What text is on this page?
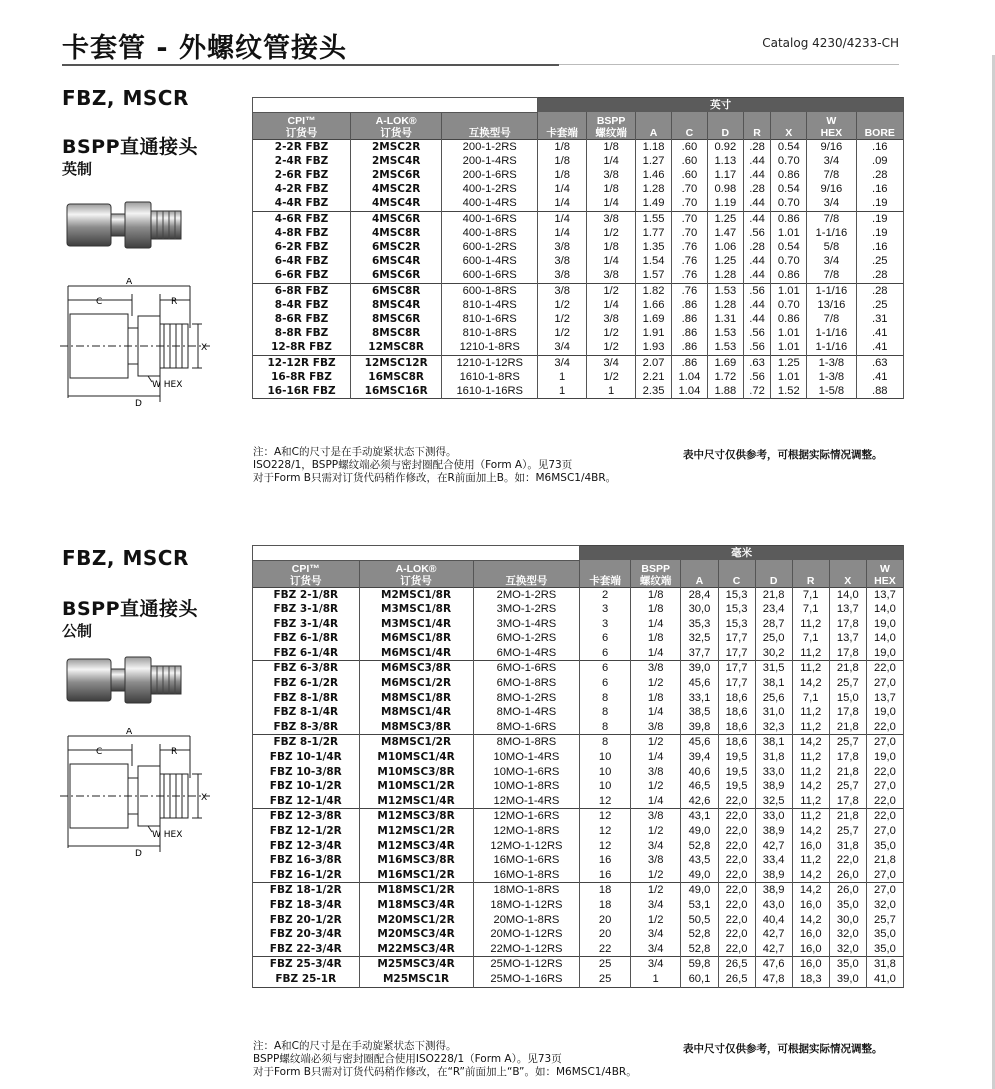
卡套管 - 外螺纹管接头	Catalog 4230/4233-CH
FBZ, MSCR
BSPP直通接头
英制
A
C	R
X
W HEX
D
			英寸								
CPI™
订货号	A-LOK®
订货号	互换型号	卡套端	BSPP
螺纹端	A	C	D	R	X	W
HEX	BORE
2-2R FBZ	2MSC2R	200-1-2RS	1/8	1/8	1.18	.60	0.92	.28	0.54	9/16	.16
2-4R FBZ	2MSC4R	200-1-4RS	1/8	1/4	1.27	.60	1.13	.44	0.70	3/4	.09
2-6R FBZ	2MSC6R	200-1-6RS	1/8	3/8	1.46	.60	1.17	.44	0.86	7/8	.28
4-2R FBZ	4MSC2R	400-1-2RS	1/4	1/8	1.28	.70	0.98	.28	0.54	9/16	.16
4-4R FBZ	4MSC4R	400-1-4RS	1/4	1/4	1.49	.70	1.19	.44	0.70	3/4	.19
4-6R FBZ	4MSC6R	400-1-6RS	1/4	3/8	1.55	.70	1.25	.44	0.86	7/8	.19
4-8R FBZ	4MSC8R	400-1-8RS	1/4	1/2	1.77	.70	1.47	.56	1.01	1-1/16	.19
6-2R FBZ	6MSC2R	600-1-2RS	3/8	1/8	1.35	.76	1.06	.28	0.54	5/8	.16
6-4R FBZ	6MSC4R	600-1-4RS	3/8	1/4	1.54	.76	1.25	.44	0.70	3/4	.25
6-6R FBZ	6MSC6R	600-1-6RS	3/8	3/8	1.57	.76	1.28	.44	0.86	7/8	.28
6-8R FBZ	6MSC8R	600-1-8RS	3/8	1/2	1.82	.76	1.53	.56	1.01	1-1/16	.28
8-4R FBZ	8MSC4R	810-1-4RS	1/2	1/4	1.66	.86	1.28	.44	0.70	13/16	.25
8-6R FBZ	8MSC6R	810-1-6RS	1/2	3/8	1.69	.86	1.31	.44	0.86	7/8	.31
8-8R FBZ	8MSC8R	810-1-8RS	1/2	1/2	1.91	.86	1.53	.56	1.01	1-1/16	.41
12-8R FBZ	12MSC8R	1210-1-8RS	3/4	1/2	1.93	.86	1.53	.56	1.01	1-1/16	.41
12-12R FBZ	12MSC12R	1210-1-12RS	3/4	3/4	2.07	.86	1.69	.63	1.25	1-3/8	.63
16-8R FBZ	16MSC8R	1610-1-8RS	1	1/2	2.21	1.04	1.72	.56	1.01	1-3/8	.41
16-16R FBZ	16MSC16R	1610-1-16RS	1	1	2.35	1.04	1.88	.72	1.52	1-5/8	.88
注：A和C的尺寸是在手动旋紧状态下测得。
ISO228/1，BSPP螺纹端必须与密封圈配合使用（Form A）。见73页
对于Form B只需对订货代码稍作修改，在R前面加上B。如：M6MSC1/4BR。
表中尺寸仅供参考，可根据实际情况调整。
FBZ, MSCR
BSPP直通接头
公制
A
C	R
X
W HEX
D
			毫米							
CPI™
订货号	A-LOK®
订货号	互换型号	卡套端	BSPP
螺纹端	A	C	D	R	X	W
HEX
FBZ 2-1/8R	M2MSC1/8R	2MO-1-2RS	2	1/8	28,4	15,3	21,8	7,1	14,0	13,7
FBZ 3-1/8R	M3MSC1/8R	3MO-1-2RS	3	1/8	30,0	15,3	23,4	7,1	13,7	14,0
FBZ 3-1/4R	M3MSC1/4R	3MO-1-4RS	3	1/4	35,3	15,3	28,7	11,2	17,8	19,0
FBZ 6-1/8R	M6MSC1/8R	6MO-1-2RS	6	1/8	32,5	17,7	25,0	7,1	13,7	14,0
FBZ 6-1/4R	M6MSC1/4R	6MO-1-4RS	6	1/4	37,7	17,7	30,2	11,2	17,8	19,0
FBZ 6-3/8R	M6MSC3/8R	6MO-1-6RS	6	3/8	39,0	17,7	31,5	11,2	21,8	22,0
FBZ 6-1/2R	M6MSC1/2R	6MO-1-8RS	6	1/2	45,6	17,7	38,1	14,2	25,7	27,0
FBZ 8-1/8R	M8MSC1/8R	8MO-1-2RS	8	1/8	33,1	18,6	25,6	7,1	15,0	13,7
FBZ 8-1/4R	M8MSC1/4R	8MO-1-4RS	8	1/4	38,5	18,6	31,0	11,2	17,8	19,0
FBZ 8-3/8R	M8MSC3/8R	8MO-1-6RS	8	3/8	39,8	18,6	32,3	11,2	21,8	22,0
FBZ 8-1/2R	M8MSC1/2R	8MO-1-8RS	8	1/2	45,6	18,6	38,1	14,2	25,7	27,0
FBZ 10-1/4R	M10MSC1/4R	10MO-1-4RS	10	1/4	39,4	19,5	31,8	11,2	17,8	19,0
FBZ 10-3/8R	M10MSC3/8R	10MO-1-6RS	10	3/8	40,6	19,5	33,0	11,2	21,8	22,0
FBZ 10-1/2R	M10MSC1/2R	10MO-1-8RS	10	1/2	46,5	19,5	38,9	14,2	25,7	27,0
FBZ 12-1/4R	M12MSC1/4R	12MO-1-4RS	12	1/4	42,6	22,0	32,5	11,2	17,8	22,0
FBZ 12-3/8R	M12MSC3/8R	12MO-1-6RS	12	3/8	43,1	22,0	33,0	11,2	21,8	22,0
FBZ 12-1/2R	M12MSC1/2R	12MO-1-8RS	12	1/2	49,0	22,0	38,9	14,2	25,7	27,0
FBZ 12-3/4R	M12MSC3/4R	12MO-1-12RS	12	3/4	52,8	22,0	42,7	16,0	31,8	35,0
FBZ 16-3/8R	M16MSC3/8R	16MO-1-6RS	16	3/8	43,5	22,0	33,4	11,2	22,0	21,8
FBZ 16-1/2R	M16MSC1/2R	16MO-1-8RS	16	1/2	49,0	22,0	38,9	14,2	26,0	27,0
FBZ 18-1/2R	M18MSC1/2R	18MO-1-8RS	18	1/2	49,0	22,0	38,9	14,2	26,0	27,0
FBZ 18-3/4R	M18MSC3/4R	18MO-1-12RS	18	3/4	53,1	22,0	43,0	16,0	35,0	32,0
FBZ 20-1/2R	M20MSC1/2R	20MO-1-8RS	20	1/2	50,5	22,0	40,4	14,2	30,0	25,7
FBZ 20-3/4R	M20MSC3/4R	20MO-1-12RS	20	3/4	52,8	22,0	42,7	16,0	32,0	35,0
FBZ 22-3/4R	M22MSC3/4R	22MO-1-12RS	22	3/4	52,8	22,0	42,7	16,0	32,0	35,0
FBZ 25-3/4R	M25MSC3/4R	25MO-1-12RS	25	3/4	59,8	26,5	47,6	16,0	35,0	31,8
FBZ 25-1R	M25MSC1R	25MO-1-16RS	25	1	60,1	26,5	47,8	18,3	39,0	41,0
注：A和C的尺寸是在手动旋紧状态下测得。
BSPP螺纹端必须与密封圈配合使用ISO228/1（Form A）。见73页
对于Form B只需对订货代码稍作修改，在“R”前面加上“B”。如：M6MSC1/4BR。
表中尺寸仅供参考，可根据实际情况调整。
